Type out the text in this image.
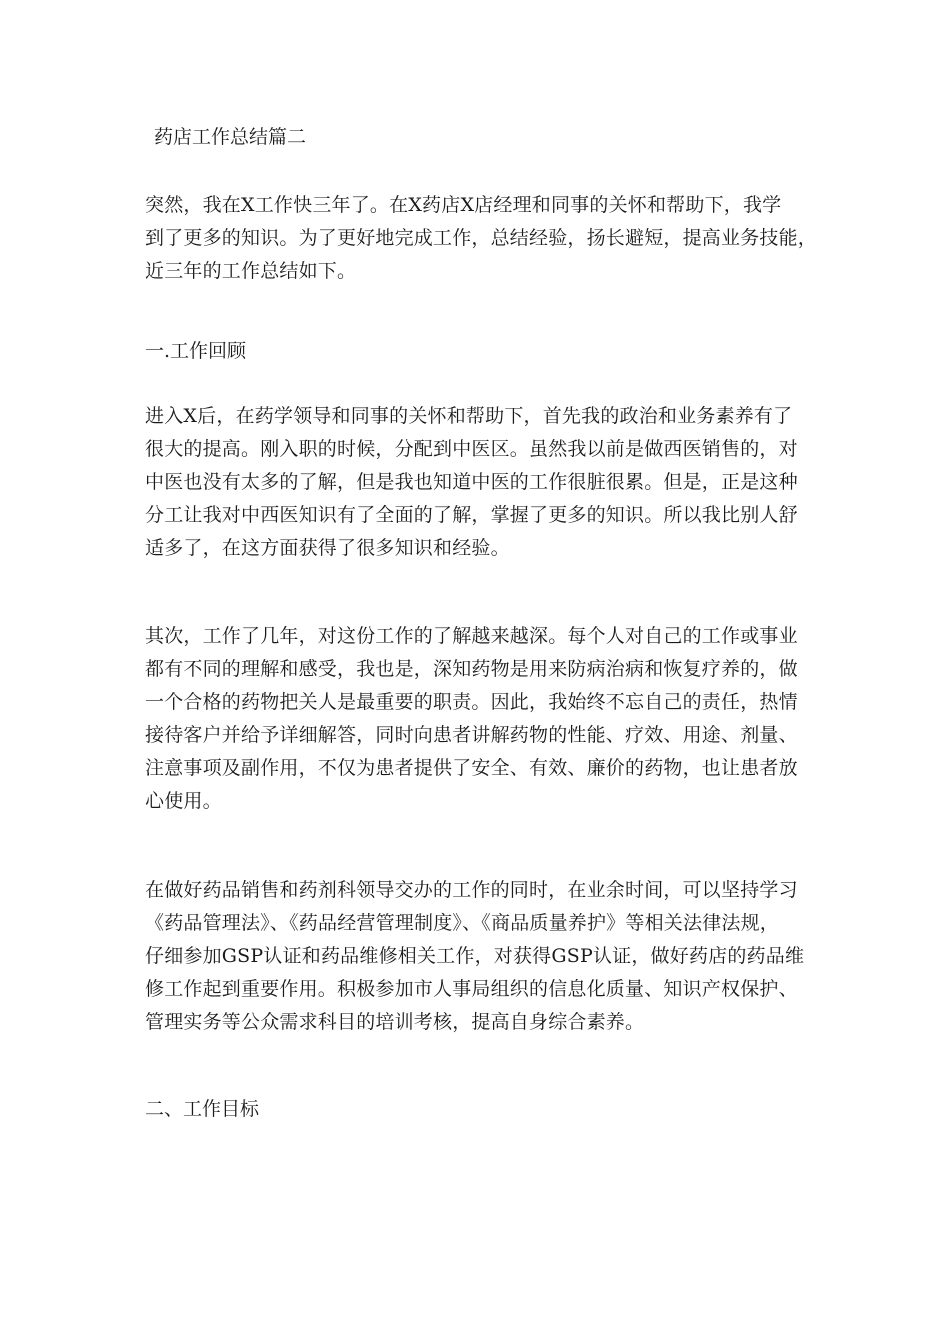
药店工作总结篇二
突然，我在X工作快三年了。在X药店X店经理和同事的关怀和帮助下，我学
到了更多的知识。为了更好地完成工作，总结经验，扬长避短，提高业务技能，
近三年的工作总结如下。
一.工作回顾
进入X后，在药学领导和同事的关怀和帮助下，首先我的政治和业务素养有了
很大的提高。刚入职的时候，分配到中医区。虽然我以前是做西医销售的，对
中医也没有太多的了解，但是我也知道中医的工作很脏很累。但是，正是这种
分工让我对中西医知识有了全面的了解，掌握了更多的知识。所以我比别人舒
适多了，在这方面获得了很多知识和经验。
其次，工作了几年，对这份工作的了解越来越深。每个人对自己的工作或事业
都有不同的理解和感受，我也是，深知药物是用来防病治病和恢复疗养的，做
一个合格的药物把关人是最重要的职责。因此，我始终不忘自己的责任，热情
接待客户并给予详细解答，同时向患者讲解药物的性能、疗效、用途、剂量、
注意事项及副作用，不仅为患者提供了安全、有效、廉价的药物，也让患者放
心使用。
在做好药品销售和药剂科领导交办的工作的同时，在业余时间，可以坚持学习
《药品管理法》、《药品经营管理制度》、《商品质量养护》等相关法律法规，
仔细参加GSP认证和药品维修相关工作，对获得GSP认证，做好药店的药品维
修工作起到重要作用。积极参加市人事局组织的信息化质量、知识产权保护、
管理实务等公众需求科目的培训考核，提高自身综合素养。
二、工作目标
